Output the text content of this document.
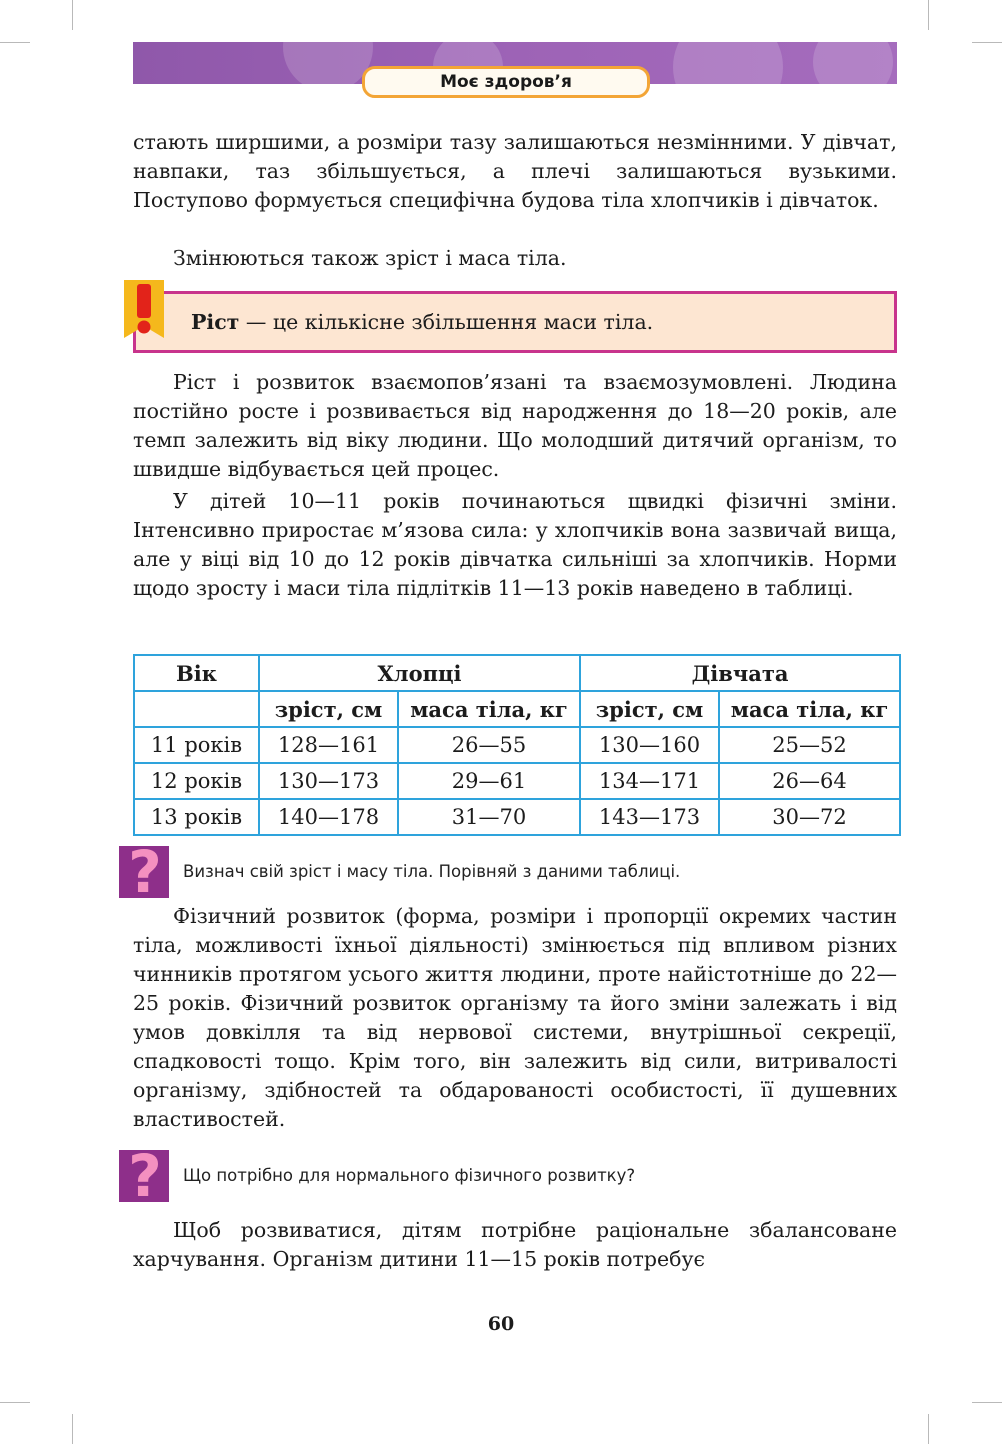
Моє здоров’я

стають ширшими, а розміри тазу залишаються незмінними. У дівчат, навпаки, таз збільшується, а плечі залишаються вузькими. Поступово формується специфічна будова тіла хлопчиків і дівчаток.

Змінюються також зріст і маса тіла.

Ріст — це кількісне збільшення маси тіла.

Ріст і розвиток взаємопов’язані та взаємозумовлені. Людина постійно росте і розвивається від народження до 18—20 років, але темп залежить від віку людини. Що молодший дитячий організм, то швидше відбувається цей процес.

У дітей 10—11 років починаються щвидкі фізичні зміни. Інтенсивно приростає м’язова сила: у хлопчиків вона зазвичай вища, але у віці від 10 до 12 років дівчатка сильніші за хлопчиків. Норми щодо зросту і маси тіла підлітків 11—13 років наведено в таблиці.

Вік	Хлопці		Дівчата	
	зріст, см	маса тіла, кг	зріст, см	маса тіла, кг
11 років	128—161	26—55	130—160	25—52
12 років	130—173	29—61	134—171	26—64
13 років	140—178	31—70	143—173	30—72
? Визнач свій зріст і масу тіла. Порівняй з даними таблиці.

Фізичний розвиток (форма, розміри і пропорції окремих частин тіла, можливості їхньої діяльності) змінюється під впливом різних чинників протягом усього життя людини, проте найістотніше до 22—25 років. Фізичний розвиток організму та його зміни залежать і від умов довкілля та від нервової системи, внутрішньої секреції, спадковості тощо. Крім того, він залежить від сили, витривалості організму, здібностей та обдарованості особистості, її душевних властивостей.

? Що потрібно для нормального фізичного розвитку?

Щоб розвиватися, дітям потрібне раціональне збалансоване харчування. Організм дитини 11—15 років потребує

60
